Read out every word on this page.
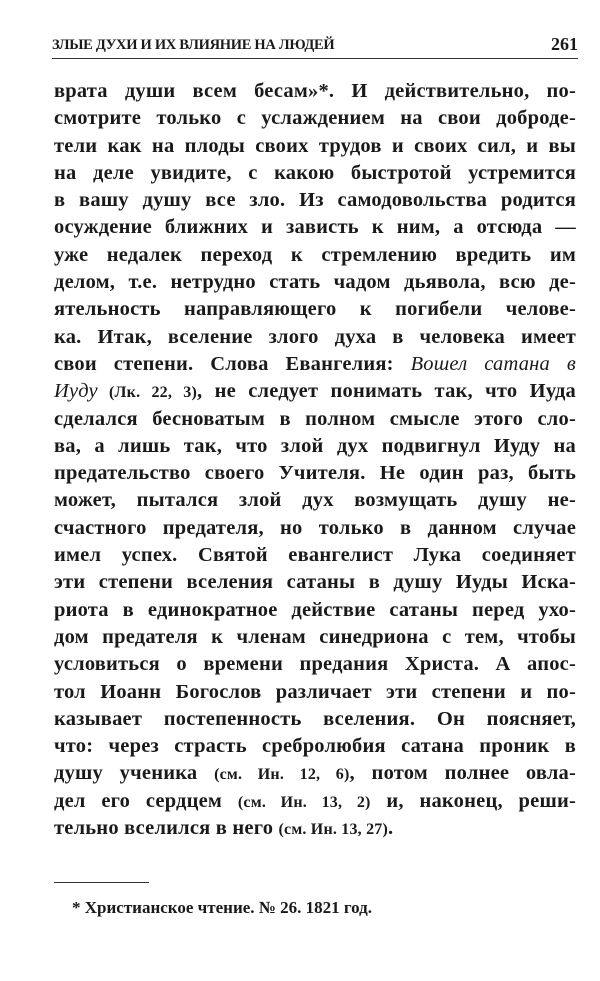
ЗЛЫЕ ДУХИ И ИХ ВЛИЯНИЕ НА ЛЮДЕЙ	261
врата души всем бесам»*. И действительно, по-
смотрите только с услаждением на свои доброде-
тели как на плоды своих трудов и своих сил, и вы
на деле увидите, с какою быстротой устремится
в вашу душу все зло. Из самодовольства родится
осуждение ближних и зависть к ним, а отсюда —
уже недалек переход к стремлению вредить им
делом, т.е. нетрудно стать чадом дьявола, всю де-
ятельность направляющего к погибели челове-
ка. Итак, вселение злого духа в человека имеет
свои степени. Слова Евангелия: Вошел сатана в
Иуду (Лк. 22, 3), не следует понимать так, что Иуда
сделался бесноватым в полном смысле этого сло-
ва, а лишь так, что злой дух подвигнул Иуду на
предательство своего Учителя. Не один раз, быть
может, пытался злой дух возмущать душу не-
счастного предателя, но только в данном случае
имел успех. Святой евангелист Лука соединяет
эти степени вселения сатаны в душу Иуды Иска-
риота в единократное действие сатаны перед ухо-
дом предателя к членам синедриона с тем, чтобы
условиться о времени предания Христа. А апос-
тол Иоанн Богослов различает эти степени и по-
казывает постепенность вселения. Он поясняет,
что: через страсть сребролюбия сатана проник в
душу ученика (см. Ин. 12, 6), потом полнее овла-
дел его сердцем (см. Ин. 13, 2) и, наконец, реши-
тельно вселился в него (см. Ин. 13, 27).
* Христианское чтение. № 26. 1821 год.
